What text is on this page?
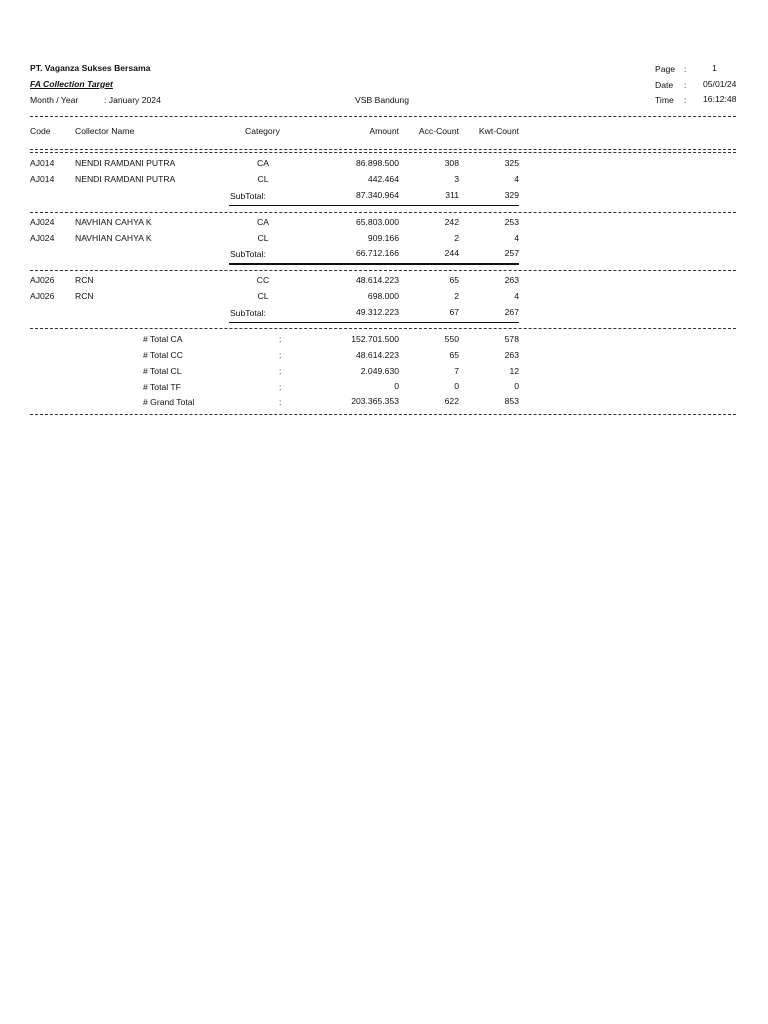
PT. Vaganza Sukses Bersama
FA Collection Target
Month / Year	: January 2024	VSB Bandung
Page :	1
Date : 05/01/24
Time : 16:12:48
Code	Collector Name	Category	Amount	Acc-Count	Kwt-Count
AJ014 NENDI RAMDANI PUTRA	CA	86.898.500	308	325
AJ014 NENDI RAMDANI PUTRA	CL	442.464	3	4
SubTotal:	87.340.964	311	329
AJ024 NAVHIAN CAHYA K	CA	65.803.000	242	253
AJ024 NAVHIAN CAHYA K	CL	909.166	2	4
SubTotal:	66.712.166	244	257
AJ026 RCN	CC	48.614.223	65	263
AJ026 RCN	CL	698.000	2	4
SubTotal:	49.312.223	67	267
# Total CA	:	152.701.500	550	578
# Total CC	:	48.614.223	65	263
# Total CL	:	2.049.630	7	12
# Total TF	:	0	0	0
# Grand Total	:	203.365.353	622	853
